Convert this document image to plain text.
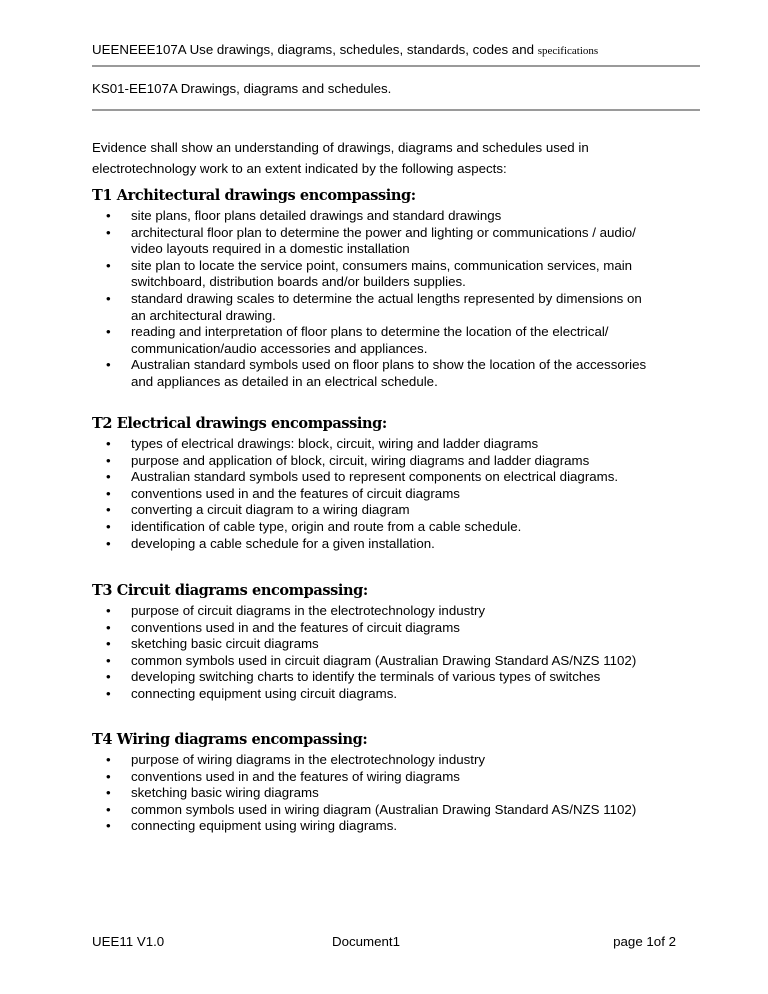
UEENEEE107A Use drawings, diagrams, schedules, standards, codes and specifications
KS01-EE107A Drawings, diagrams and schedules.
Evidence shall show an understanding of drawings, diagrams and schedules used in electrotechnology work to an extent indicated by the following aspects:
T1 Architectural drawings encompassing:
• site plans, floor plans detailed drawings and standard drawings
• architectural floor plan to determine the power and lighting or communications / audio/ video layouts required in a domestic installation
• site plan to locate the service point, consumers mains, communication services, main switchboard, distribution boards and/or builders supplies.
• standard drawing scales to determine the actual lengths represented by dimensions on an architectural drawing.
• reading and interpretation of floor plans to determine the location of the electrical/ communication/audio accessories and appliances.
• Australian standard symbols used on floor plans to show the location of the accessories and appliances as detailed in an electrical schedule.
T2 Electrical drawings encompassing:
• types of electrical drawings: block, circuit, wiring and ladder diagrams
• purpose and application of block, circuit, wiring diagrams and ladder diagrams
• Australian standard symbols used to represent components on electrical diagrams.
• conventions used in and the features of circuit diagrams
• converting a circuit diagram to a wiring diagram
• identification of cable type, origin and route from a cable schedule.
• developing a cable schedule for a given installation.
T3 Circuit diagrams encompassing:
• purpose of circuit diagrams in the electrotechnology industry
• conventions used in and the features of circuit diagrams
• sketching basic circuit diagrams
• common symbols used in circuit diagram (Australian Drawing Standard AS/NZS 1102)
• developing switching charts to identify the terminals of various types of switches
• connecting equipment using circuit diagrams.
T4 Wiring diagrams encompassing:
• purpose of wiring diagrams in the electrotechnology industry
• conventions used in and the features of wiring diagrams
• sketching basic wiring diagrams
• common symbols used in wiring diagram (Australian Drawing Standard AS/NZS 1102)
• connecting equipment using wiring diagrams.
UEE11 V1.0	Document1	page 1of 2
